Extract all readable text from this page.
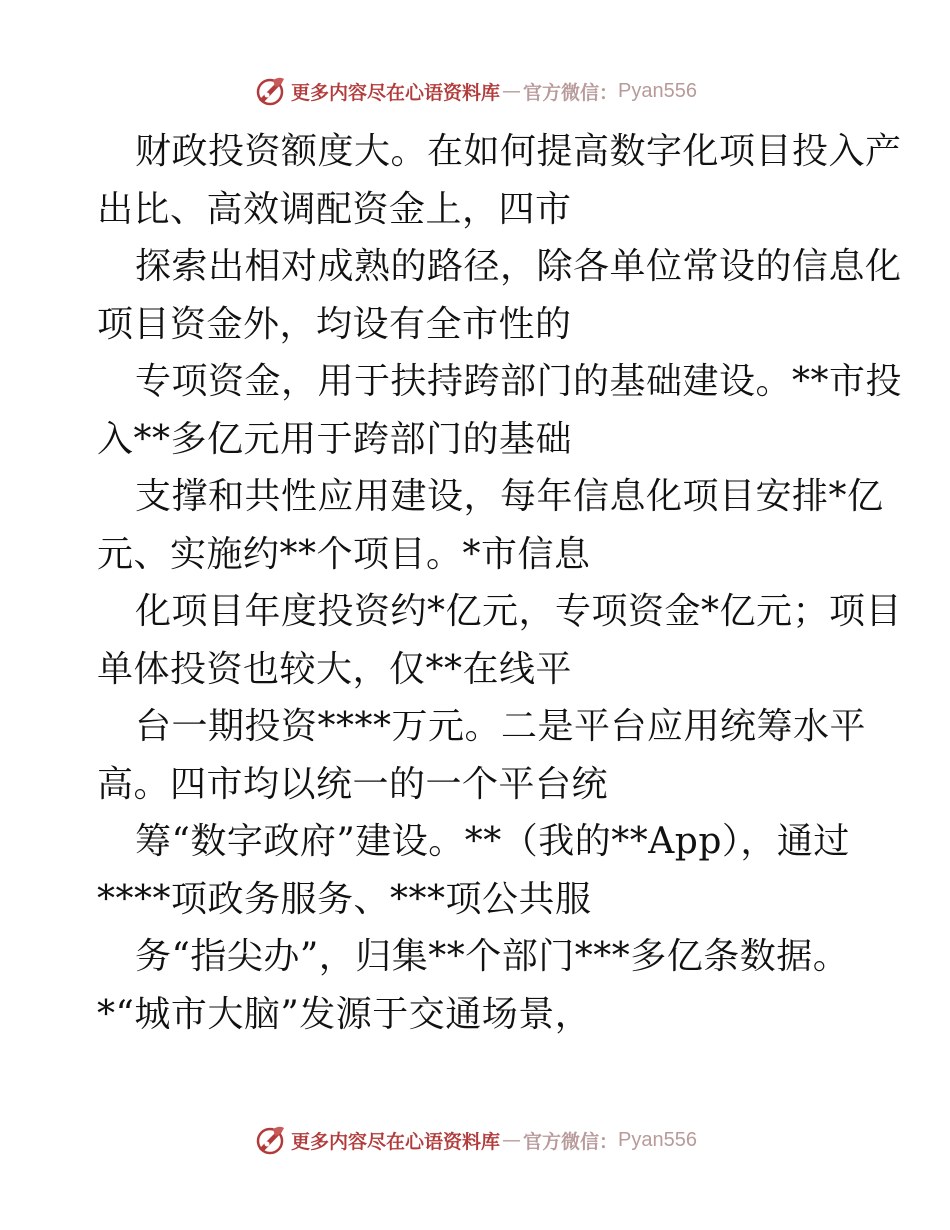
更多内容尽在心语资料库 — 官方微信： Pyan556
财政投资额度大。在如何提高数字化项目投入产
出比、高效调配资金上，四市
探索出相对成熟的路径，除各单位常设的信息化
项目资金外，均设有全市性的
专项资金，用于扶持跨部门的基础建设。**市投
入**多亿元用于跨部门的基础
支撑和共性应用建设，每年信息化项目安排*亿
元、实施约**个项目。*市信息
化项目年度投资约*亿元，专项资金*亿元；项目
单体投资也较大，仅**在线平
台一期投资****万元。二是平台应用统筹水平
高。四市均以统一的一个平台统
筹“数字政府”建设。**（我的**App），通过
****项政务服务、***项公共服
务“指尖办”，归集**个部门***多亿条数据。
*“城市大脑”发源于交通场景，
更多内容尽在心语资料库 — 官方微信： Pyan556
